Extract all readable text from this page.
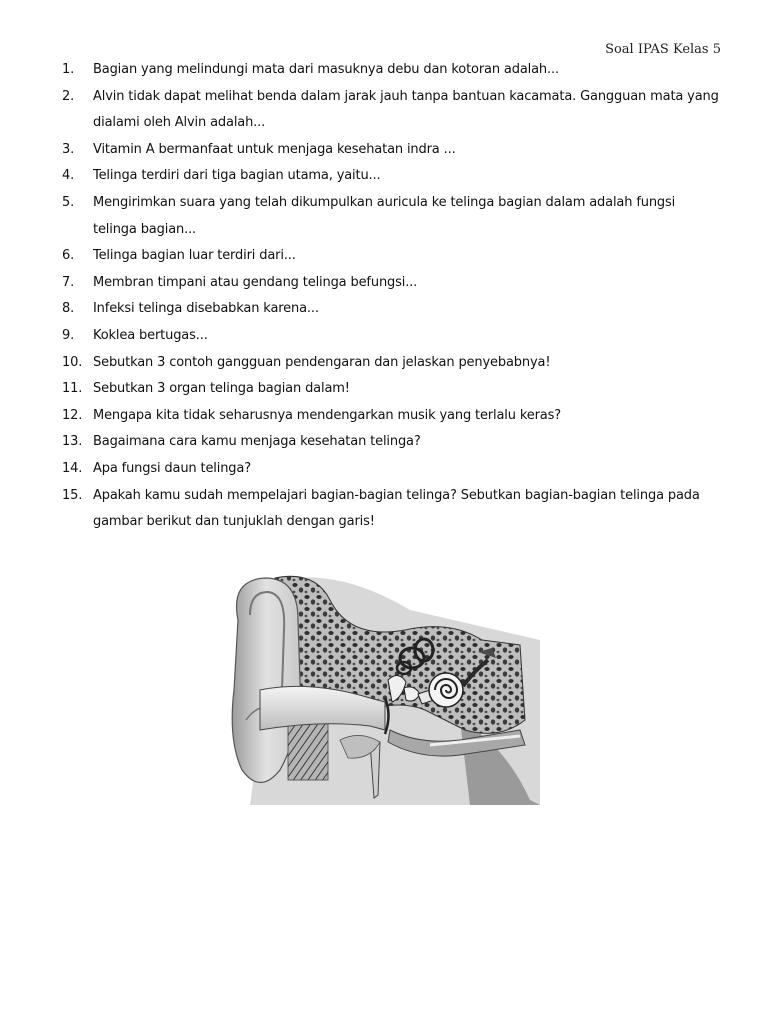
Soal IPAS Kelas 5
1.	Bagian yang melindungi mata dari masuknya debu dan kotoran adalah...
2.	Alvin tidak dapat melihat benda dalam jarak jauh tanpa bantuan kacamata. Gangguan mata yang dialami oleh Alvin adalah...
3.	Vitamin A bermanfaat untuk menjaga kesehatan indra ...
4.	Telinga terdiri dari tiga bagian utama, yaitu...
5.	Mengirimkan suara yang telah dikumpulkan auricula ke telinga bagian dalam adalah fungsi telinga bagian...
6.	Telinga bagian luar terdiri dari...
7.	Membran timpani atau gendang telinga befungsi...
8.	Infeksi telinga disebabkan karena...
9.	Koklea bertugas...
10. Sebutkan 3 contoh gangguan pendengaran dan jelaskan penyebabnya!
11. Sebutkan 3 organ telinga bagian dalam!
12. Mengapa kita tidak seharusnya mendengarkan musik yang terlalu keras?
13. Bagaimana cara kamu menjaga kesehatan telinga?
14. Apa fungsi daun telinga?
15. Apakah kamu sudah mempelajari bagian-bagian telinga? Sebutkan bagian-bagian telinga pada gambar berikut dan tunjuklah dengan garis!
